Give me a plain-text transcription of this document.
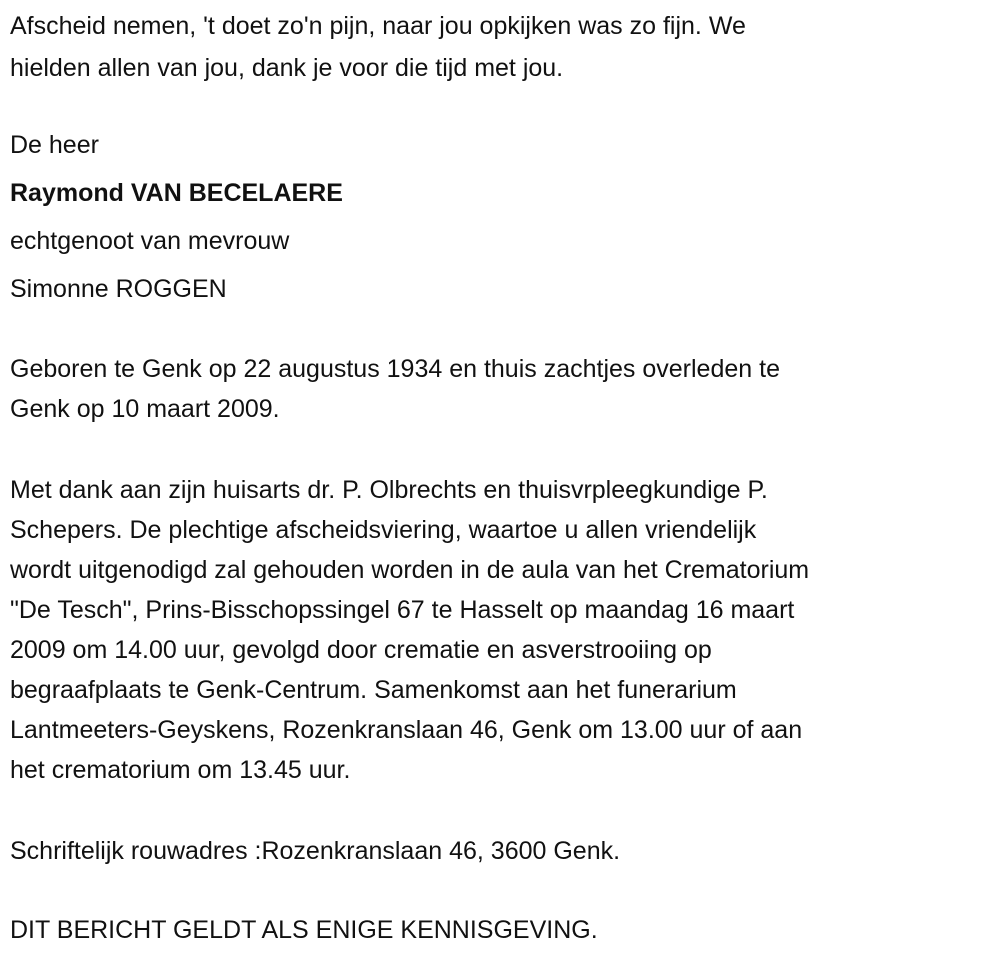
Afscheid nemen, 't doet zo'n pijn, naar jou opkijken was zo fijn. We
hielden allen van jou, dank je voor die tijd met jou.
De heer
Raymond VAN BECELAERE
echtgenoot van mevrouw
Simonne ROGGEN
Geboren te Genk op 22 augustus 1934 en thuis zachtjes overleden te
Genk op 10 maart 2009.
Met dank aan zijn huisarts dr. P. Olbrechts en thuisvrpleegkundige P.
Schepers. De plechtige afscheidsviering, waartoe u allen vriendelijk
wordt uitgenodigd zal gehouden worden in de aula van het Crematorium
"De Tesch", Prins-Bisschopssingel 67 te Hasselt op maandag 16 maart
2009 om 14.00 uur, gevolgd door crematie en asverstrooiing op
begraafplaats te Genk-Centrum. Samenkomst aan het funerarium
Lantmeeters-Geyskens, Rozenkranslaan 46, Genk om 13.00 uur of aan
het crematorium om 13.45 uur.
Schriftelijk rouwadres :Rozenkranslaan 46, 3600 Genk.
DIT BERICHT GELDT ALS ENIGE KENNISGEVING.
